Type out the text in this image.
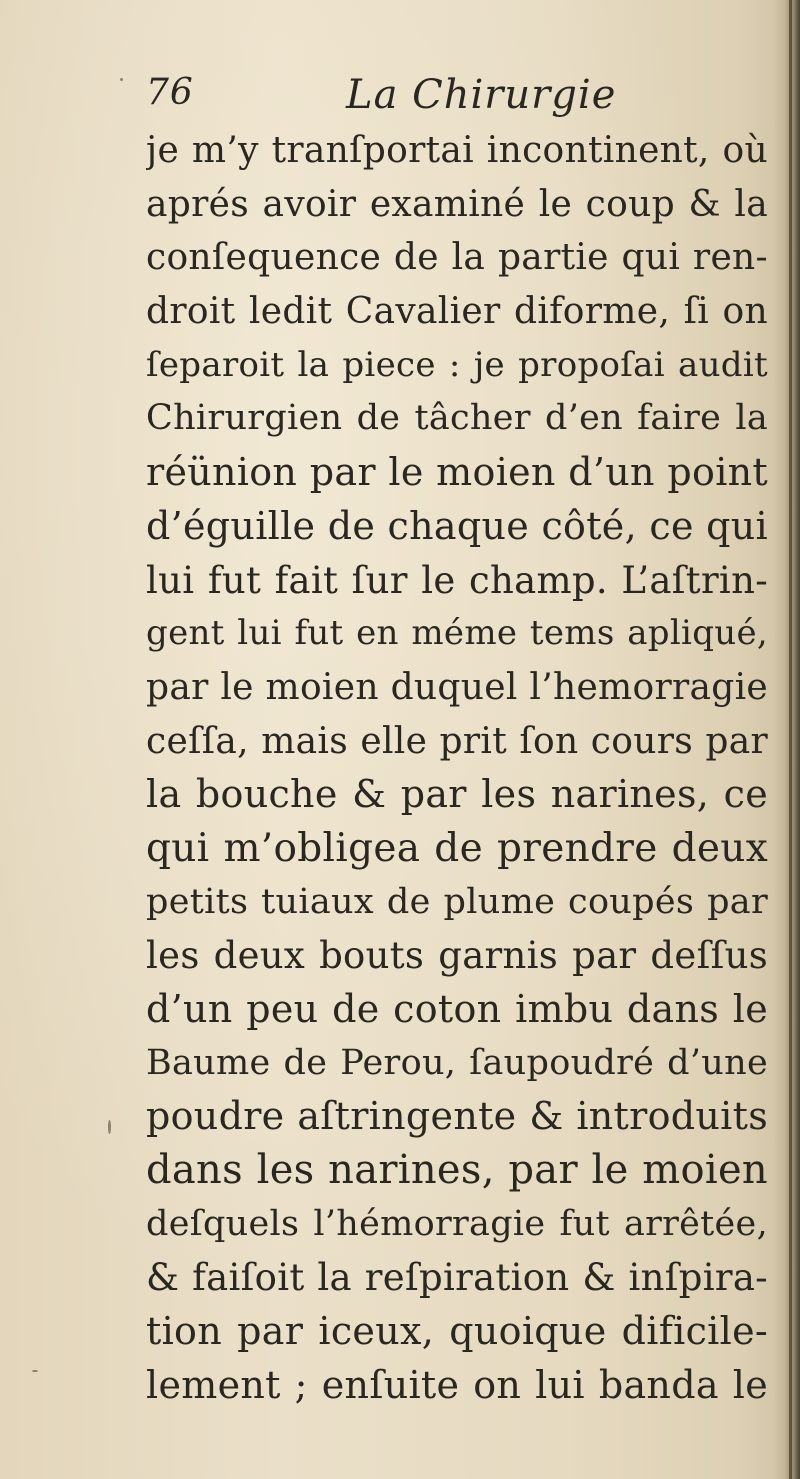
76	La Chirurgie
je m’y tranſportai incontinent, où
aprés avoir examiné le coup & la
conſequence de la partie qui ren-
droit ledit Cavalier diforme, ſi on
ſeparoit la piece : je propoſai audit
Chirurgien de tâcher d’en faire la
réünion par le moien d’un point
d’éguille de chaque côté, ce qui
lui fut fait ſur le champ. L’aſtrin-
gent lui fut en méme tems apliqué,
par le moien duquel l’hemorragie
ceſſa, mais elle prit ſon cours par
la bouche & par les narines, ce
qui m’obligea de prendre deux
petits tuiaux de plume coupés par
les deux bouts garnis par deſſus
d’un peu de coton imbu dans le
Baume de Perou, ſaupoudré d’une
poudre aſtringente & introduits
dans les narines, par le moien
deſquels l’hémorragie fut arrêtée,
& faiſoit la reſpiration & inſpira-
tion par iceux, quoique dificile-
lement ; enſuite on lui banda le
